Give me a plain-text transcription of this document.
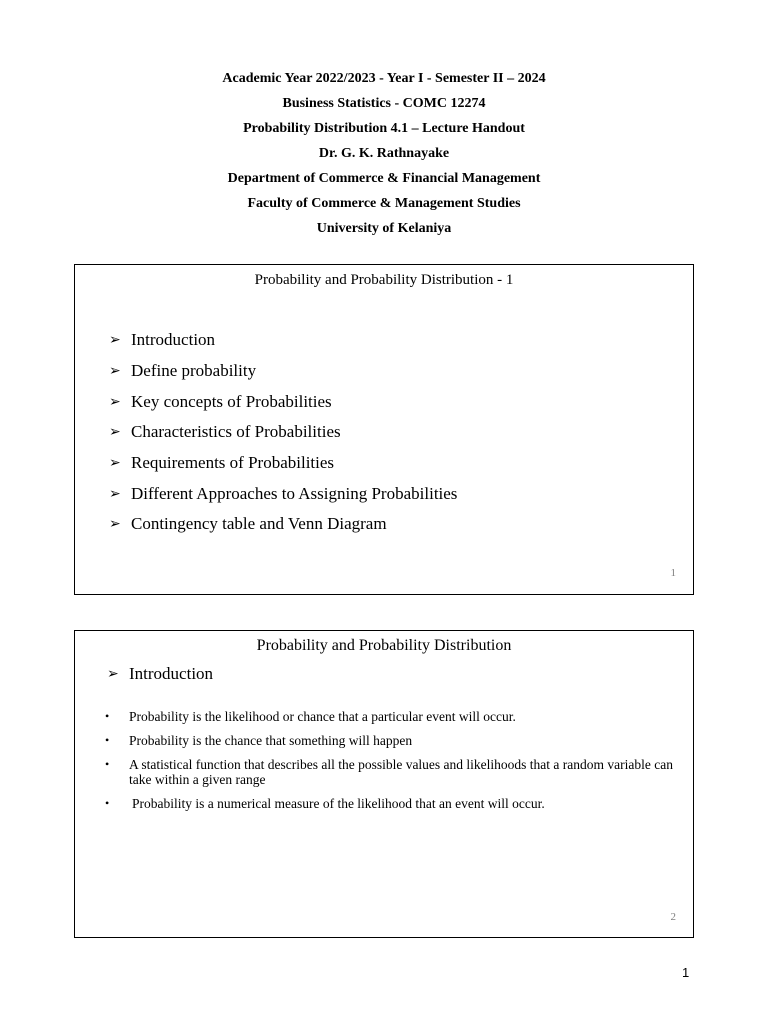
Academic Year 2022/2023 - Year I - Semester II – 2024
Business Statistics - COMC 12274
Probability Distribution 4.1 – Lecture Handout
Dr. G. K. Rathnayake
Department of Commerce & Financial Management
Faculty of Commerce & Management Studies
University of Kelaniya
Probability and Probability Distribution - 1
➢ Introduction
➢ Define probability
➢ Key concepts of Probabilities
➢ Characteristics of Probabilities
➢ Requirements of Probabilities
➢ Different Approaches to Assigning Probabilities
➢ Contingency table and Venn Diagram
1
Probability and Probability Distribution
➢ Introduction
• Probability is the likelihood or chance that a particular event will occur.
• Probability is the chance that something will happen
• A statistical function that describes all the possible values and likelihoods that a random variable can take within a given range
• Probability is a numerical measure of the likelihood that an event will occur.
2
1
